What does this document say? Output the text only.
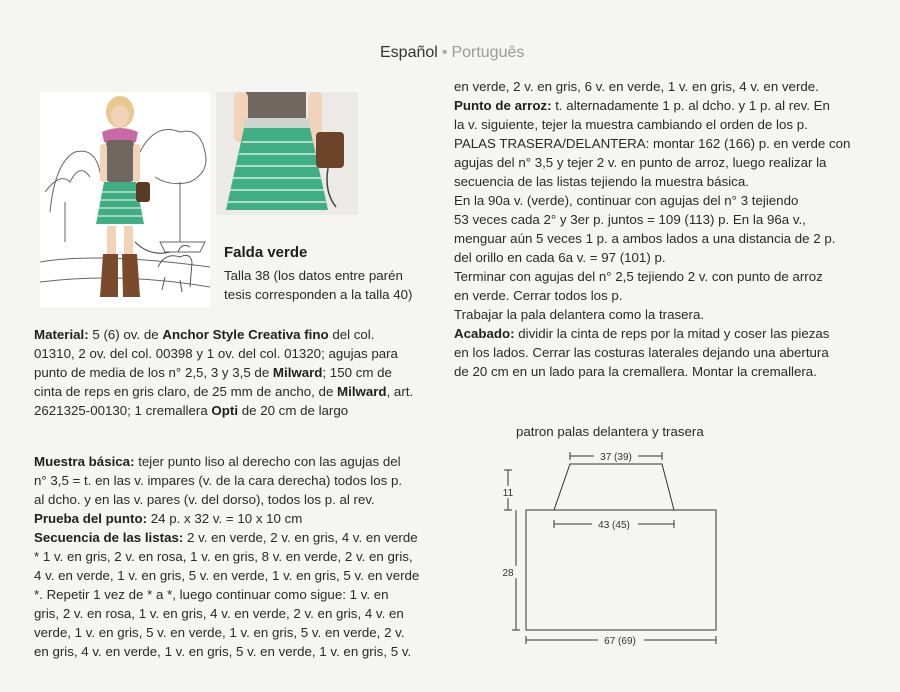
Español • Português
Falda verde

Talla 38 (los datos entre parén

tesis corresponden a la talla 40)

Material: 5 (6) ov. de Anchor Style Creativa fino del col.

01310, 2 ov. del col. 00398 y 1 ov. del col. 01320; agujas para

punto de media de los n° 2,5, 3 y 3,5 de Milward; 150 cm de

cinta de reps en gris claro, de 25 mm de ancho, de Milward, art.

2621325-00130; 1 cremallera Opti de 20 cm de largo

Muestra básica: tejer punto liso al derecho con las agujas del

n° 3,5 = t. en las v. impares (v. de la cara derecha) todos los p.

al dcho. y en las v. pares (v. del dorso), todos los p. al rev.

Prueba del punto: 24 p. x 32 v. = 10 x 10 cm

Secuencia de las listas: 2 v. en verde, 2 v. en gris, 4 v. en verde

* 1 v. en gris, 2 v. en rosa, 1 v. en gris, 8 v. en verde, 2 v. en gris,

4 v. en verde, 1 v. en gris, 5 v. en verde, 1 v. en gris, 5 v. en verde

*. Repetir 1 vez de * a *, luego continuar como sigue: 1 v. en

gris, 2 v. en rosa, 1 v. en gris, 4 v. en verde, 2 v. en gris, 4 v. en

verde, 1 v. en gris, 5 v. en verde, 1 v. en gris, 5 v. en verde, 2 v.

en gris, 4 v. en verde, 1 v. en gris, 5 v. en verde, 1 v. en gris, 5 v.

en verde, 2 v. en gris, 6 v. en verde, 1 v. en gris, 4 v. en verde.

Punto de arroz: t. alternadamente 1 p. al dcho. y 1 p. al rev. En

la v. siguiente, tejer la muestra cambiando el orden de los p.

PALAS TRASERA/DELANTERA: montar 162 (166) p. en verde con

agujas del n° 3,5 y tejer 2 v. en punto de arroz, luego realizar la

secuencia de las listas tejiendo la muestra básica.

En la 90a v. (verde), continuar con agujas del n° 3 tejiendo

53 veces cada 2° y 3er p. juntos = 109 (113) p. En la 96a v.,

menguar aún 5 veces 1 p. a ambos lados a una distancia de 2 p.

del orillo en cada 6a v. = 97 (101) p.

Terminar con agujas del n° 2,5 tejiendo 2 v. con punto de arroz

en verde. Cerrar todos los p.

Trabajar la pala delantera como la trasera.

Acabado: dividir la cinta de reps por la mitad y coser las piezas

en los lados. Cerrar las costuras laterales dejando una abertura

de 20 cm en un lado para la cremallera. Montar la cremallera.

patron palas delantera y trasera
37 (39)
43 (45)
67 (69)
11
28
